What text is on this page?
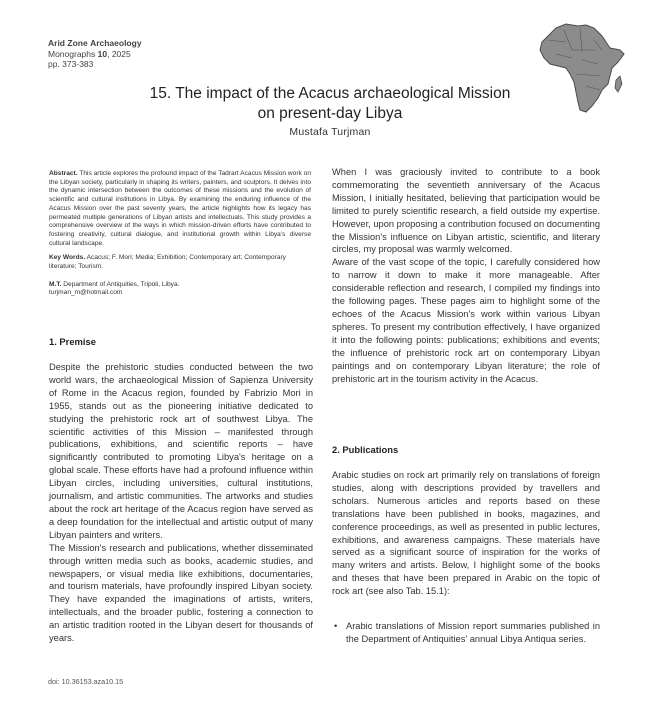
Arid Zone Archaeology
Monographs 10, 2025
pp. 373-383
15. The impact of the Acacus archaeological Mission
on present-day Libya
Mustafa Turjman

Abstract. This article explores the profound impact of the Tadrart Acacus Mission work on the Libyan society, particularly in shaping its writers, painters, and sculptors. It delves into the dynamic intersection between the outcomes of these missions and the evolution of scientific and cultural institutions in Libya. By examining the enduring influence of the Acacus Mission over the past seventy years, the article highlights how its legacy has permeated multiple generations of Libyan artists and intellectuals. This study provides a comprehensive overview of the ways in which mission-driven efforts have contributed to fostering creativity, cultural dialogue, and institutional growth within Libya's diverse cultural landscape.

Key Words. Acacus; F. Mori; Media; Exhibition; Contemporary art; Contemporary literature; Tourism.

M.T. Department of Antiquities, Tripoli, Libya.
turjman_m@hotmail.com

1. Premise

Despite the prehistoric studies conducted between the two world wars, the archaeological Mission of Sapienza University of Rome in the Acacus region, founded by Fabrizio Mori in 1955, stands out as the pioneering initiative dedicated to studying the prehistoric rock art of southwest Libya. The scientific activities of this Mission – manifested through publications, exhibitions, and scientific reports – have significantly contributed to promoting Libya's heritage on a global scale. These efforts have had a profound influence within Libyan circles, including universities, cultural institutions, journalism, and artistic communities. The artworks and studies about the rock art heritage of the Acacus region have served as a deep foundation for the intellectual and artistic output of many Libyan painters and writers.

The Mission's research and publications, whether disseminated through written media such as books, academic studies, and newspapers, or visual media like exhibitions, documentaries, and tourism materials, have profoundly inspired Libyan society. They have expanded the imaginations of artists, writers, intellectuals, and the broader public, fostering a connection to an artistic tradition rooted in the Libyan desert for thousands of years.

When I was graciously invited to contribute to a book commemorating the seventieth anniversary of the Acacus Mission, I initially hesitated, believing that participation would be limited to purely scientific research, a field outside my expertise. However, upon proposing a contribution focused on documenting the Mission's influence on Libyan artistic, scientific, and literary circles, my proposal was warmly welcomed.

Aware of the vast scope of the topic, I carefully considered how to narrow it down to make it more manageable. After considerable reflection and research, I compiled my findings into the following pages. These pages aim to highlight some of the echoes of the Acacus Mission's work within various Libyan spheres. To present my contribution effectively, I have organized it into the following points: publications; exhibitions and events; the influence of prehistoric rock art on contemporary Libyan paintings and on contemporary Libyan literature; the role of prehistoric art in the tourism activity in the Acacus.

2. Publications

Arabic studies on rock art primarily rely on translations of foreign studies, along with descriptions provided by travellers and scholars. Numerous articles and reports based on these translations have been published in books, magazines, and conference proceedings, as well as presented in public lectures, exhibitions, and awareness campaigns. These materials have served as a significant source of inspiration for the works of many writers and artists. Below, I highlight some of the books and theses that have been prepared in Arabic on the topic of rock art (see also Tab. 15.1):

• Arabic translations of Mission report summaries published in the Department of Antiquities' annual Libya Antiqua series.
doi: 10.36153.aza10.15
